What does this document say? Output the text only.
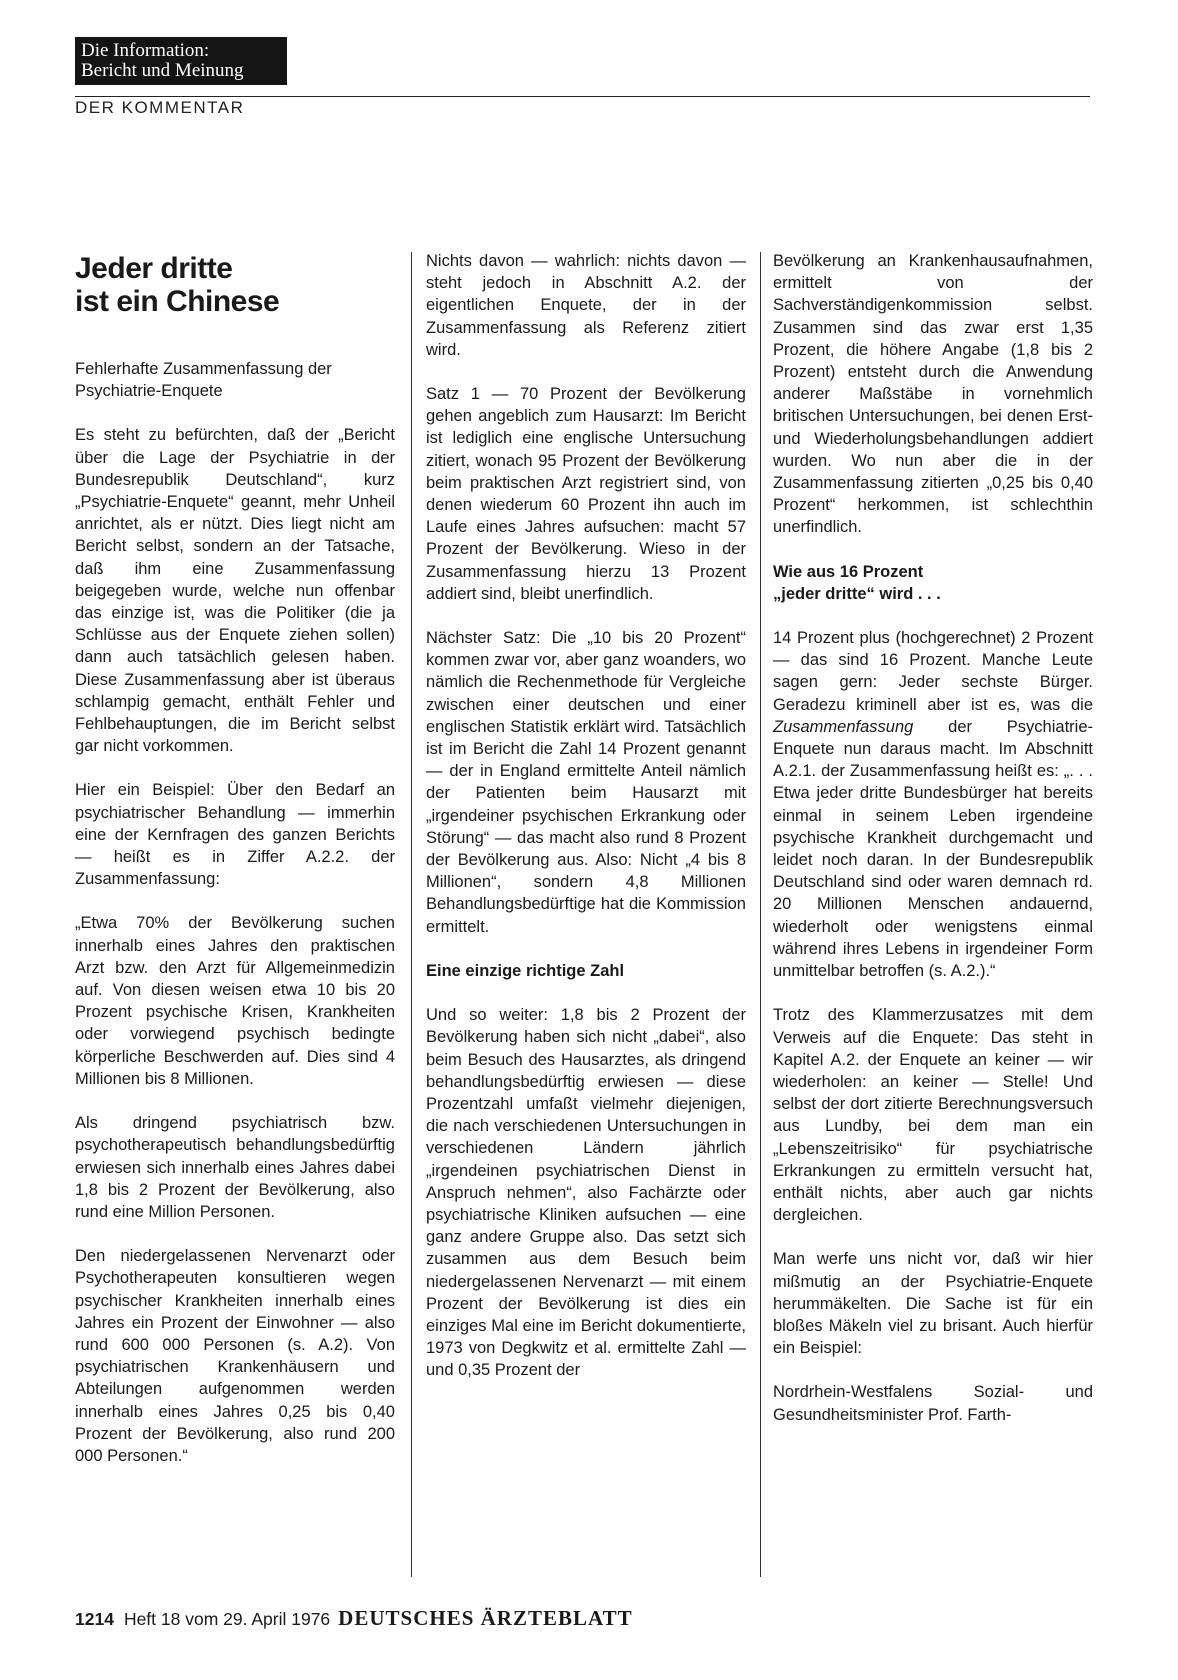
Die Information:
Bericht und Meinung
DER KOMMENTAR
Jeder dritte
ist ein Chinese

Fehlerhafte Zusammenfassung der Psychiatrie-Enquete

Es steht zu befürchten, daß der „Bericht über die Lage der Psychiatrie in der Bundesrepublik Deutschland“, kurz „Psychiatrie-Enquete“ geannt, mehr Unheil anrichtet, als er nützt. Dies liegt nicht am Bericht selbst, sondern an der Tatsache, daß ihm eine Zusammenfassung beigegeben wurde, welche nun offenbar das einzige ist, was die Politiker (die ja Schlüsse aus der Enquete ziehen sollen) dann auch tatsächlich gelesen haben. Diese Zusammenfassung aber ist überaus schlampig gemacht, enthält Fehler und Fehlbehauptungen, die im Bericht selbst gar nicht vorkommen.

Hier ein Beispiel: Über den Bedarf an psychiatrischer Behandlung — immerhin eine der Kernfragen des ganzen Berichts — heißt es in Ziffer A.2.2. der Zusammenfassung:

„Etwa 70% der Bevölkerung suchen innerhalb eines Jahres den praktischen Arzt bzw. den Arzt für Allgemeinmedizin auf. Von diesen weisen etwa 10 bis 20 Prozent psychische Krisen, Krankheiten oder vorwiegend psychisch bedingte körperliche Beschwerden auf. Dies sind 4 Millionen bis 8 Millionen.

Als dringend psychiatrisch bzw. psychotherapeutisch behandlungsbedürftig erwiesen sich innerhalb eines Jahres dabei 1,8 bis 2 Prozent der Bevölkerung, also rund eine Million Personen.

Den niedergelassenen Nervenarzt oder Psychotherapeuten konsultieren wegen psychischer Krankheiten innerhalb eines Jahres ein Prozent der Einwohner — also rund 600 000 Personen (s. A.2). Von psychiatrischen Krankenhäusern und Abteilungen aufgenommen werden innerhalb eines Jahres 0,25 bis 0,40 Prozent der Bevölkerung, also rund 200 000 Personen.“

Nichts davon — wahrlich: nichts davon — steht jedoch in Abschnitt A.2. der eigentlichen Enquete, der in der Zusammenfassung als Referenz zitiert wird.

Satz 1 — 70 Prozent der Bevölkerung gehen angeblich zum Hausarzt: Im Bericht ist lediglich eine englische Untersuchung zitiert, wonach 95 Prozent der Bevölkerung beim praktischen Arzt registriert sind, von denen wiederum 60 Prozent ihn auch im Laufe eines Jahres aufsuchen: macht 57 Prozent der Bevölkerung. Wieso in der Zusammenfassung hierzu 13 Prozent addiert sind, bleibt unerfindlich.

Nächster Satz: Die „10 bis 20 Prozent“ kommen zwar vor, aber ganz woanders, wo nämlich die Rechenmethode für Vergleiche zwischen einer deutschen und einer englischen Statistik erklärt wird. Tatsächlich ist im Bericht die Zahl 14 Prozent genannt — der in England ermittelte Anteil nämlich der Patienten beim Hausarzt mit „irgendeiner psychischen Erkrankung oder Störung“ — das macht also rund 8 Prozent der Bevölkerung aus. Also: Nicht „4 bis 8 Millionen“, sondern 4,8 Millionen Behandlungsbedürftige hat die Kommission ermittelt.

Eine einzige richtige Zahl

Und so weiter: 1,8 bis 2 Prozent der Bevölkerung haben sich nicht „dabei“, also beim Besuch des Hausarztes, als dringend behandlungsbedürftig erwiesen — diese Prozentzahl umfaßt vielmehr diejenigen, die nach verschiedenen Untersuchungen in verschiedenen Ländern jährlich „irgendeinen psychiatrischen Dienst in Anspruch nehmen“, also Fachärzte oder psychiatrische Kliniken aufsuchen — eine ganz andere Gruppe also. Das setzt sich zusammen aus dem Besuch beim niedergelassenen Nervenarzt — mit einem Prozent der Bevölkerung ist dies ein einziges Mal eine im Bericht dokumentierte, 1973 von Degkwitz et al. ermittelte Zahl — und 0,35 Prozent der

Bevölkerung an Krankenhausaufnahmen, ermittelt von der Sachverständigenkommission selbst. Zusammen sind das zwar erst 1,35 Prozent, die höhere Angabe (1,8 bis 2 Prozent) entsteht durch die Anwendung anderer Maßstäbe in vornehmlich britischen Untersuchungen, bei denen Erst- und Wiederholungsbehandlungen addiert wurden. Wo nun aber die in der Zusammenfassung zitierten „0,25 bis 0,40 Prozent“ herkommen, ist schlechthin unerfindlich.

Wie aus 16 Prozent
„jeder dritte“ wird . . .

14 Prozent plus (hochgerechnet) 2 Prozent — das sind 16 Prozent. Manche Leute sagen gern: Jeder sechste Bürger. Geradezu kriminell aber ist es, was die Zusammenfassung der Psychiatrie-Enquete nun daraus macht. Im Abschnitt A.2.1. der Zusammenfassung heißt es: „. . . Etwa jeder dritte Bundesbürger hat bereits einmal in seinem Leben irgendeine psychische Krankheit durchgemacht und leidet noch daran. In der Bundesrepublik Deutschland sind oder waren demnach rd. 20 Millionen Menschen andauernd, wiederholt oder wenigstens einmal während ihres Lebens in irgendeiner Form unmittelbar betroffen (s. A.2.).“

Trotz des Klammerzusatzes mit dem Verweis auf die Enquete: Das steht in Kapitel A.2. der Enquete an keiner — wir wiederholen: an keiner — Stelle! Und selbst der dort zitierte Berechnungsversuch aus Lundby, bei dem man ein „Lebenszeitrisiko“ für psychiatrische Erkrankungen zu ermitteln versucht hat, enthält nichts, aber auch gar nichts dergleichen.

Man werfe uns nicht vor, daß wir hier mißmutig an der Psychiatrie-Enquete herummäkelten. Die Sache ist für ein bloßes Mäkeln viel zu brisant. Auch hierfür ein Beispiel:

Nordrhein-Westfalens Sozial- und Gesundheitsminister Prof. Farth-

1214 Heft 18 vom 29. April 1976 DEUTSCHES ÄRZTEBLATT
